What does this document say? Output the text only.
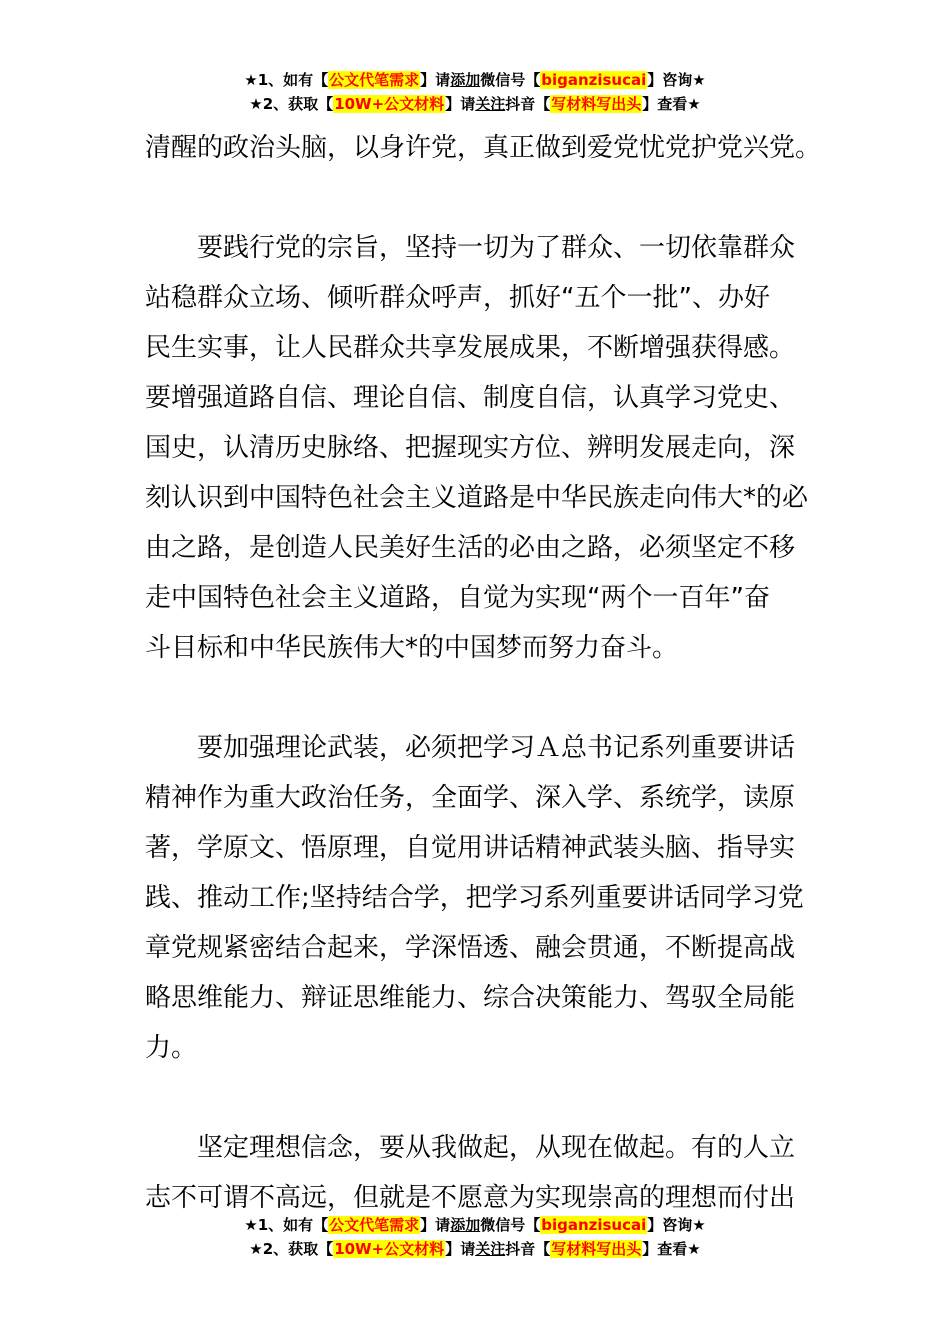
★1、如有【公文代笔需求】请添加微信号【biganzisucai】咨询★
★2、获取【10W+公文材料】请关注抖音【写材料写出头】查看★
清醒的政治头脑，以身许党，真正做到爱党忧党护党兴党。
要践行党的宗旨，坚持一切为了群众、一切依靠群众
站稳群众立场、倾听群众呼声，抓好“五个一批”、办好
民生实事，让人民群众共享发展成果，不断增强获得感。
要增强道路自信、理论自信、制度自信，认真学习党史、
国史，认清历史脉络、把握现实方位、辨明发展走向，深
刻认识到中国特色社会主义道路是中华民族走向伟大*的必
由之路，是创造人民美好生活的必由之路，必须坚定不移
走中国特色社会主义道路，自觉为实现“两个一百年”奋
斗目标和中华民族伟大*的中国梦而努力奋斗。
要加强理论武装，必须把学习Ａ总书记系列重要讲话
精神作为重大政治任务，全面学、深入学、系统学，读原
著，学原文、悟原理，自觉用讲话精神武装头脑、指导实
践、推动工作;坚持结合学，把学习系列重要讲话同学习党
章党规紧密结合起来，学深悟透、融会贯通，不断提高战
略思维能力、辩证思维能力、综合决策能力、驾驭全局能
力。
坚定理想信念，要从我做起，从现在做起。有的人立
志不可谓不高远，但就是不愿意为实现崇高的理想而付出
★1、如有【公文代笔需求】请添加微信号【biganzisucai】咨询★
★2、获取【10W+公文材料】请关注抖音【写材料写出头】查看★
